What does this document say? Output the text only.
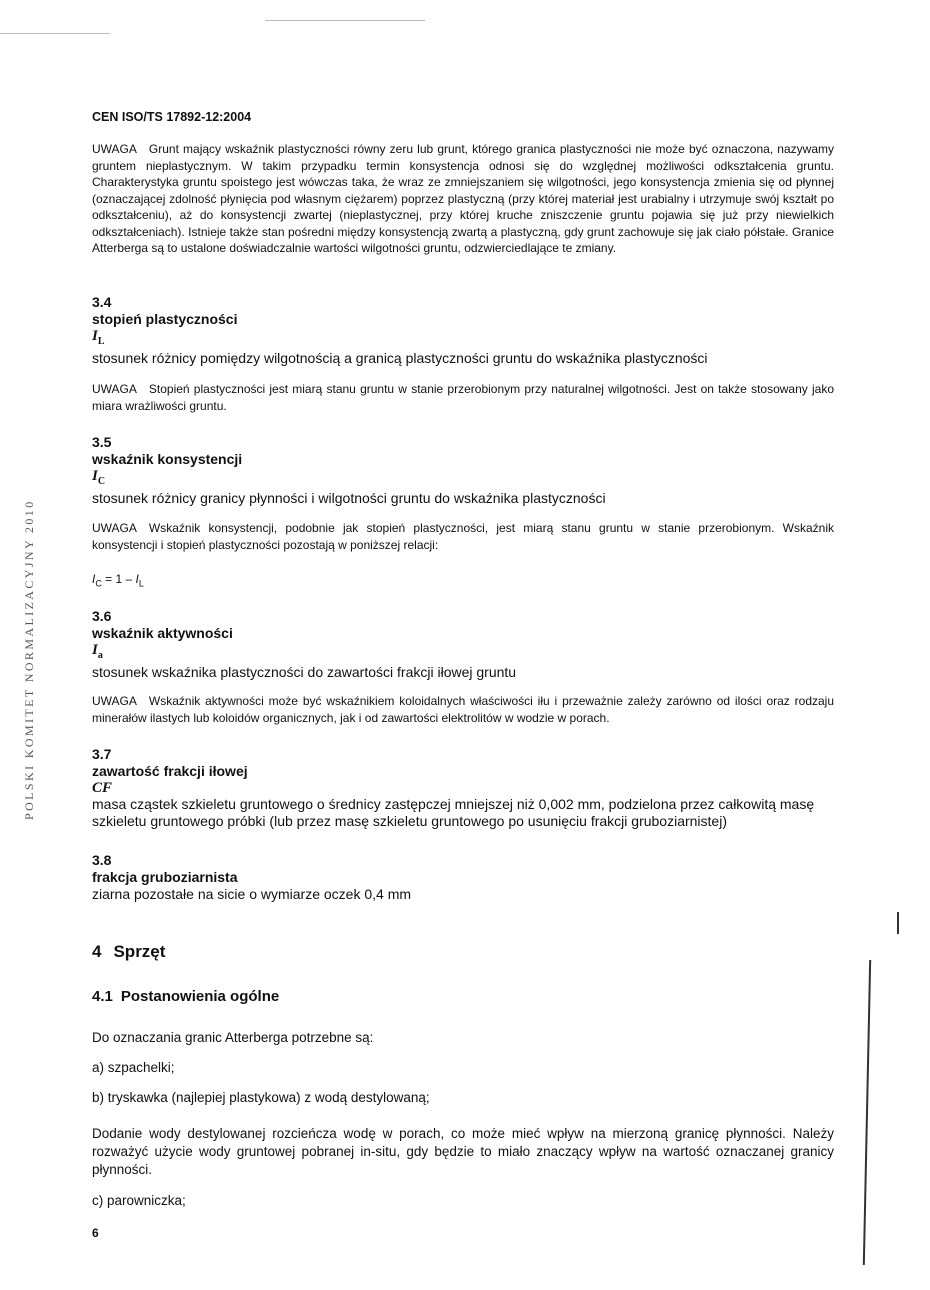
POLSKI KOMITET NORMALIZACYJNY 2010
CEN ISO/TS 17892-12:2004

UWAGA Grunt mający wskaźnik plastyczności równy zeru lub grunt, którego granica plastyczności nie może być oznaczona, nazywamy gruntem nieplastycznym. W takim przypadku termin konsystencja odnosi się do względnej możliwości odkształcenia gruntu. Charakterystyka gruntu spoistego jest wówczas taka, że wraz ze zmniejszaniem się wilgotności, jego konsystencja zmienia się od płynnej (oznaczającej zdolność płynięcia pod własnym ciężarem) poprzez plastyczną (przy której materiał jest urabialny i utrzymuje swój kształt po odkształceniu), aż do konsystencji zwartej (nieplastycznej, przy której kruche zniszczenie gruntu pojawia się już przy niewielkich odkształceniach). Istnieje także stan pośredni między konsystencją zwartą a plastyczną, gdy grunt zachowuje się jak ciało półstałe. Granice Atterberga są to ustalone doświadczalnie wartości wilgotności gruntu, odzwierciedlające te zmiany.

3.4
stopień plastyczności
$I_L$
stosunek różnicy pomiędzy wilgotnością a granicą plastyczności gruntu do wskaźnika plastyczności

UWAGA Stopień plastyczności jest miarą stanu gruntu w stanie przerobionym przy naturalnej wilgotności. Jest on także stosowany jako miara wrażliwości gruntu.

3.5
wskaźnik konsystencji
$I_C$
stosunek różnicy granicy płynności i wilgotności gruntu do wskaźnika plastyczności

UWAGA Wskaźnik konsystencji, podobnie jak stopień plastyczności, jest miarą stanu gruntu w stanie przerobionym. Wskaźnik konsystencji i stopień plastyczności pozostają w poniższej relacji:

$I_C = 1 - I_L$
3.6
wskaźnik aktywności
$I_a$
stosunek wskaźnika plastyczności do zawartości frakcji iłowej gruntu

UWAGA Wskaźnik aktywności może być wskaźnikiem koloidalnych właściwości iłu i przeważnie zależy zarówno od ilości oraz rodzaju minerałów ilastych lub koloidów organicznych, jak i od zawartości elektrolitów w wodzie w porach.

3.7
zawartość frakcji iłowej
CF
masa cząstek szkieletu gruntowego o średnicy zastępczej mniejszej niż 0,002 mm, podzielona przez całkowitą masę szkieletu gruntowego próbki (lub przez masę szkieletu gruntowego po usunięciu frakcji gruboziarnistej)
3.8
frakcja gruboziarnista
ziarna pozostałe na sicie o wymiarze oczek 0,4 mm
4 Sprzęt
4.1 Postanowienia ogólne
Do oznaczania granic Atterberga potrzebne są:
a) szpachelki;
b) tryskawka (najlepiej plastykowa) z wodą destylowaną;
Dodanie wody destylowanej rozcieńcza wodę w porach, co może mieć wpływ na mierzoną granicę płynności. Należy rozważyć użycie wody gruntowej pobranej in-situ, gdy będzie to miało znaczący wpływ na wartość oznaczanej granicy płynności.
c) parowniczka;
6
